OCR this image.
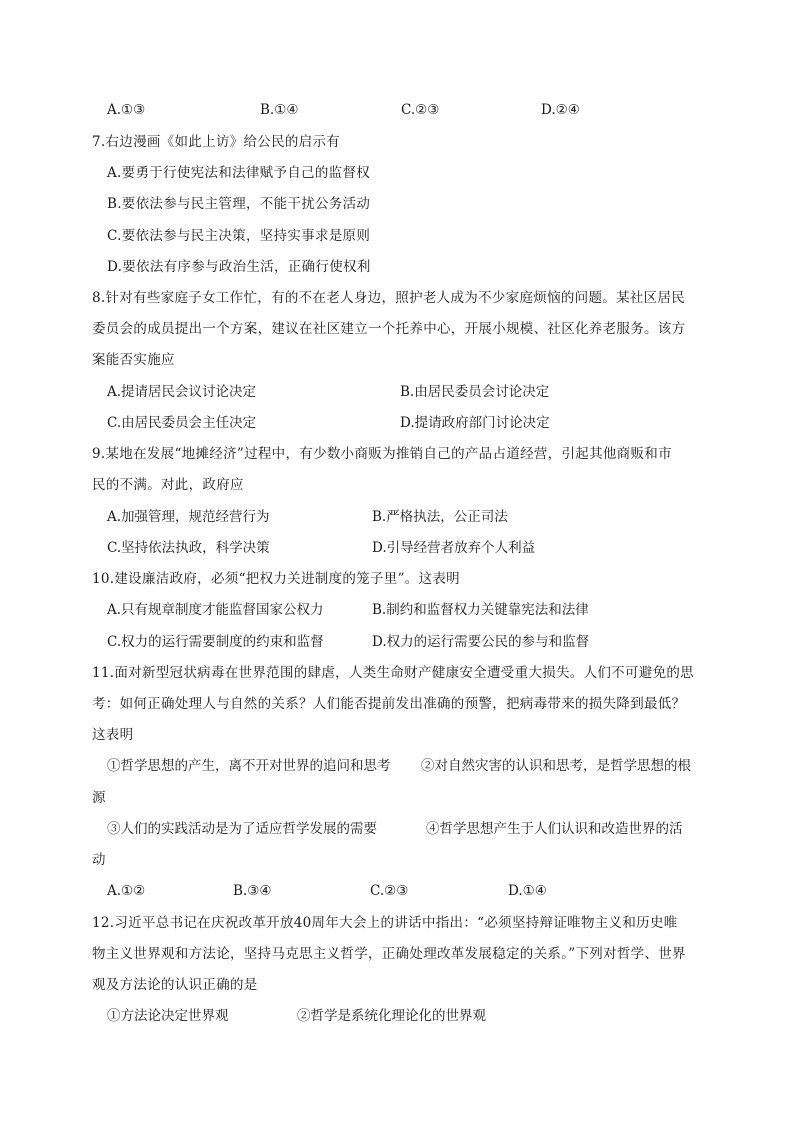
A.①③	B.①④	C.②③	D.②④
7.右边漫画《如此上访》给公民的启示有
A.要勇于行使宪法和法律赋予自己的监督权
B.要依法参与民主管理，不能干扰公务活动
C.要依法参与民主决策，坚持实事求是原则
D.要依法有序参与政治生活，正确行使权利
8.针对有些家庭子女工作忙，有的不在老人身边，照护老人成为不少家庭烦恼的问题。某社区居民
委员会的成员提出一个方案，建议在社区建立一个托养中心，开展小规模、社区化养老服务。该方
案能否实施应
A.提请居民会议讨论决定	B.由居民委员会讨论决定
C.由居民委员会主任决定	D.提请政府部门讨论决定
9.某地在发展“地摊经济”过程中，有少数小商贩为推销自己的产品占道经营，引起其他商贩和市
民的不满。对此，政府应
A.加强管理，规范经营行为	B.严格执法，公正司法
C.坚持依法执政，科学决策	D.引导经营者放弃个人利益
10.建设廉洁政府，必须“把权力关进制度的笼子里”。这表明
A.只有规章制度才能监督国家公权力	B.制约和监督权力关键靠宪法和法律
C.权力的运行需要制度的约束和监督	D.权力的运行需要公民的参与和监督
11.面对新型冠状病毒在世界范围的肆虐，人类生命财产健康安全遭受重大损失。人们不可避免的思
考：如何正确处理人与自然的关系？人们能否提前发出准确的预警，把病毒带来的损失降到最低？
这表明
①哲学思想的产生，离不开对世界的追问和思考 ②对自然灾害的认识和思考，是哲学思想的根
源
③人们的实践活动是为了适应哲学发展的需要	④哲学思想产生于人们认识和改造世界的活
动
A.①②	B.③④	C.②③	D.①④
12.习近平总书记在庆祝改革开放40周年大会上的讲话中指出：“必须坚持辩证唯物主义和历史唯
物主义世界观和方法论，坚持马克思主义哲学，正确处理改革发展稳定的关系。”下列对哲学、世界
观及方法论的认识正确的是
①方法论决定世界观	②哲学是系统化理论化的世界观
